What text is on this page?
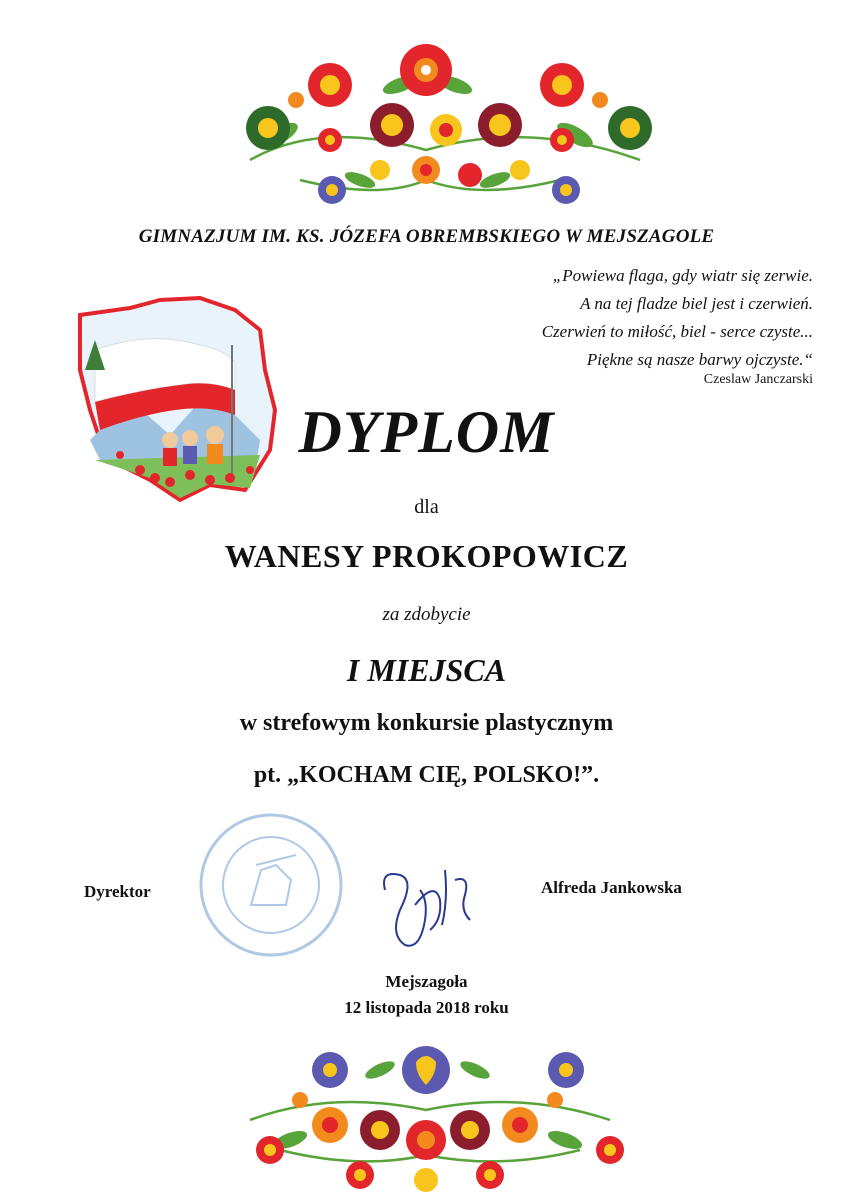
GIMNAZJUM IM. KS. JÓZEFA OBREMBSKIEGO W MEJSZAGOLE
„Powiewa flaga, gdy wiatr się zerwie.
A na tej fladze biel jest i czerwień.
Czerwień to miłość, biel - serce czyste...
Piękne są nasze barwy ojczyste.“
Czeslaw Janczarski
DYPLOM
dla
WANESY PROKOPOWICZ
za zdobycie
I MIEJSCA
w strefowym konkursie plastycznym
pt. „KOCHAM CIĘ, POLSKO!”.
Dyrektor	Alfreda Jankowska
Mejszagoła
12 listopada 2018 roku
